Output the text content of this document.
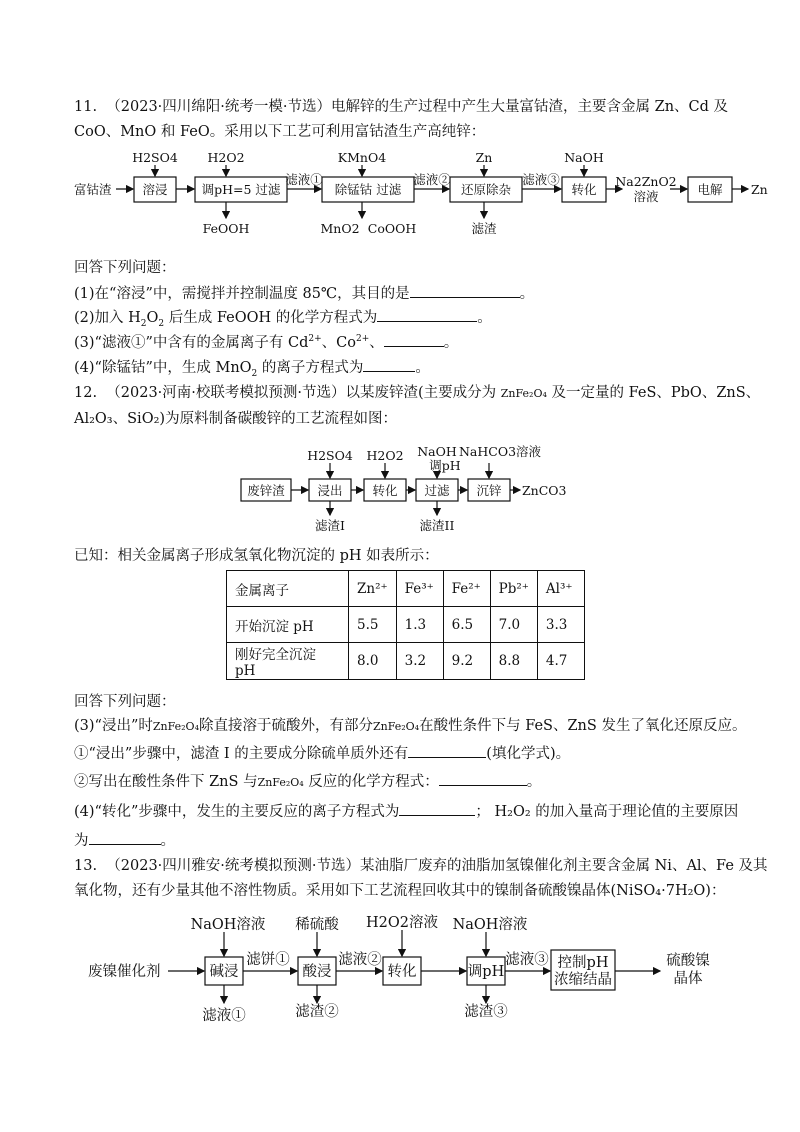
11. （2023·四川绵阳·统考一模·节选）电解锌的生产过程中产生大量富钴渣，主要含金属 Zn、Cd 及
CoO、MnO 和 FeO。采用以下工艺可利用富钴渣生产高纯锌：
富钴渣 溶浸	调pH=5 过滤	除锰钴 过滤	还原除杂	转化	电解
H2SO4 H2O2	KMnO4	Zn	NaOH
滤液①	滤液②	滤液③
FeOOH	MnO2 CoOOH	滤渣
Na2ZnO2
溶液	Zn
回答下列问题：
(1)在“溶浸”中，需搅拌并控制温度 85℃，其目的是	。
(2)加入 $H_2O_2$ 后生成 FeOOH 的化学方程式为	。
(3)“滤液①”中含有的金属离子有 $Cd^{2+}$、$Co^{2+}$、	。
(4)“除锰钴”中，生成 MnO$_2$ 的离子方程式为	。
12. （2023·河南·校联考模拟预测·节选）以某废锌渣(主要成分为 ZnFe₂O₄ 及一定量的 FeS、PbO、ZnS、
Al₂O₃、SiO₂)为原料制备碳酸锌的工艺流程如图：
废锌渣	浸出 转化 过滤 沉锌
H2SO4 H2O2 NaOH
调pH
NaHCO3溶液
滤渣I	滤渣II
ZnCO3
已知：相关金属离子形成氢氧化物沉淀的 pH 如表所示：
金属离子	Zn²⁺	Fe³⁺	Fe²⁺	Pb²⁺	Al³⁺
开始沉淀 pH	5.5	1.3	6.5	7.0	3.3
刚好完全沉淀 pH	8.0	3.2	9.2	8.8	4.7
回答下列问题：
(3)“浸出”时ZnFe₂O₄除直接溶于硫酸外，有部分ZnFe₂O₄在酸性条件下与 FeS、ZnS 发生了氧化还原反应。
①“浸出”步骤中，滤渣 I 的主要成分除硫单质外还有	(填化学式)。
②写出在酸性条件下 ZnS 与ZnFe₂O₄ 反应的化学方程式：	。
(4)“转化”步骤中，发生的主要反应的离子方程式为	； H₂O₂ 的加入量高于理论值的主要原因
为	。
13. （2023·四川雅安·统考模拟预测·节选）某油脂厂废弃的油脂加氢镍催化剂主要含金属 Ni、Al、Fe 及其
氧化物，还有少量其他不溶性物质。采用如下工艺流程回收其中的镍制备硫酸镍晶体(NiSO₄·7H₂O)：
废镍催化剂	碱浸	酸浸	转化	调pH
控制pH
浓缩结晶
NaOH溶液 稀硫酸 H2O2溶液 NaOH溶液
滤饼①	滤液②	滤液③
滤液①	滤渣②	滤渣③
硫酸镍
晶体
